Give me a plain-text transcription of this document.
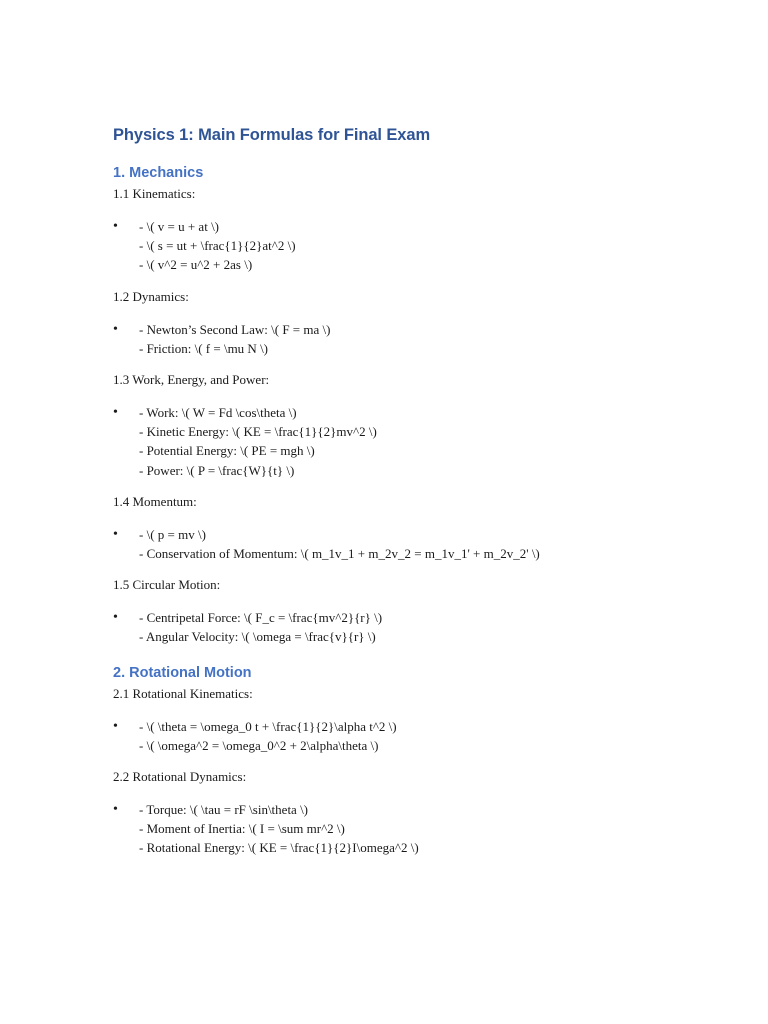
Physics 1: Main Formulas for Final Exam
1. Mechanics
1.1 Kinematics:
• - \( v = u + at \)
- \( s = ut + \frac{1}{2}at^2 \)
- \( v^2 = u^2 + 2as \)
1.2 Dynamics:
• - Newton’s Second Law: \( F = ma \)
- Friction: \( f = \mu N \)
1.3 Work, Energy, and Power:
• - Work: \( W = Fd \cos\theta \)
- Kinetic Energy: \( KE = \frac{1}{2}mv^2 \)
- Potential Energy: \( PE = mgh \)
- Power: \( P = \frac{W}{t} \)
1.4 Momentum:
• - \( p = mv \)
- Conservation of Momentum: \( m_1v_1 + m_2v_2 = m_1v_1' + m_2v_2' \)
1.5 Circular Motion:
• - Centripetal Force: \( F_c = \frac{mv^2}{r} \)
- Angular Velocity: \( \omega = \frac{v}{r} \)
2. Rotational Motion
2.1 Rotational Kinematics:
• - \( \theta = \omega_0 t + \frac{1}{2}\alpha t^2 \)
- \( \omega^2 = \omega_0^2 + 2\alpha\theta \)
2.2 Rotational Dynamics:
• - Torque: \( \tau = rF \sin\theta \)
- Moment of Inertia: \( I = \sum mr^2 \)
- Rotational Energy: \( KE = \frac{1}{2}I\omega^2 \)
